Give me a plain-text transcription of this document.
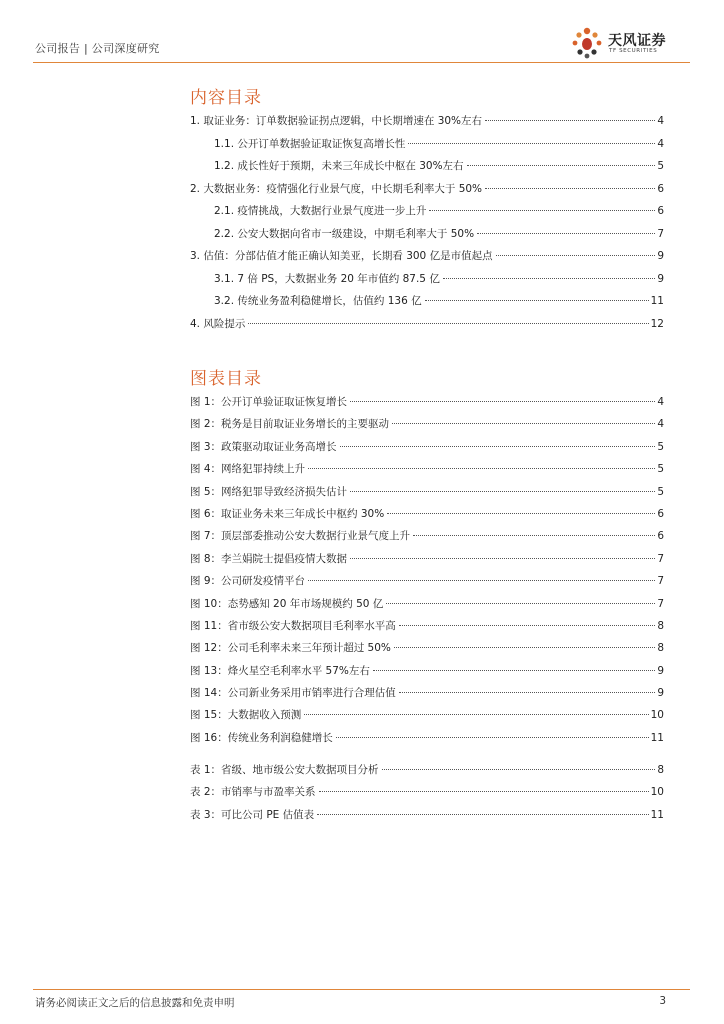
公司报告 | 公司深度研究	天风证券
TF SECURITIES
内容目录
1. 取证业务：订单数据验证拐点逻辑，中长期增速在 30%左右	4
1.1. 公开订单数据验证取证恢复高增长性	4
1.2. 成长性好于预期，未来三年成长中枢在 30%左右	5
2. 大数据业务：疫情强化行业景气度，中长期毛利率大于 50%	6
2.1. 疫情挑战，大数据行业景气度进一步上升	6
2.2. 公安大数据向省市一级建设，中期毛利率大于 50%	7
3. 估值：分部估值才能正确认知美亚，长期看 300 亿是市值起点	9
3.1. 7 倍 PS，大数据业务 20 年市值约 87.5 亿	9
3.2. 传统业务盈利稳健增长，估值约 136 亿	11
4. 风险提示	12
图表目录
图 1：公开订单验证取证恢复增长	4
图 2：税务是目前取证业务增长的主要驱动	4
图 3：政策驱动取证业务高增长	5
图 4：网络犯罪持续上升	5
图 5：网络犯罪导致经济损失估计	5
图 6：取证业务未来三年成长中枢约 30%	6
图 7：顶层部委推动公安大数据行业景气度上升	6
图 8：李兰娟院士提倡疫情大数据	7
图 9：公司研发疫情平台	7
图 10：态势感知 20 年市场规模约 50 亿	7
图 11：省市级公安大数据项目毛利率水平高	8
图 12：公司毛利率未来三年预计超过 50%	8
图 13：烽火星空毛利率水平 57%左右	9
图 14：公司新业务采用市销率进行合理估值	9
图 15：大数据收入预测	10
图 16：传统业务利润稳健增长	11
表 1：省级、地市级公安大数据项目分析	8
表 2：市销率与市盈率关系	10
表 3：可比公司 PE 估值表	11
请务必阅读正文之后的信息披露和免责申明	3
